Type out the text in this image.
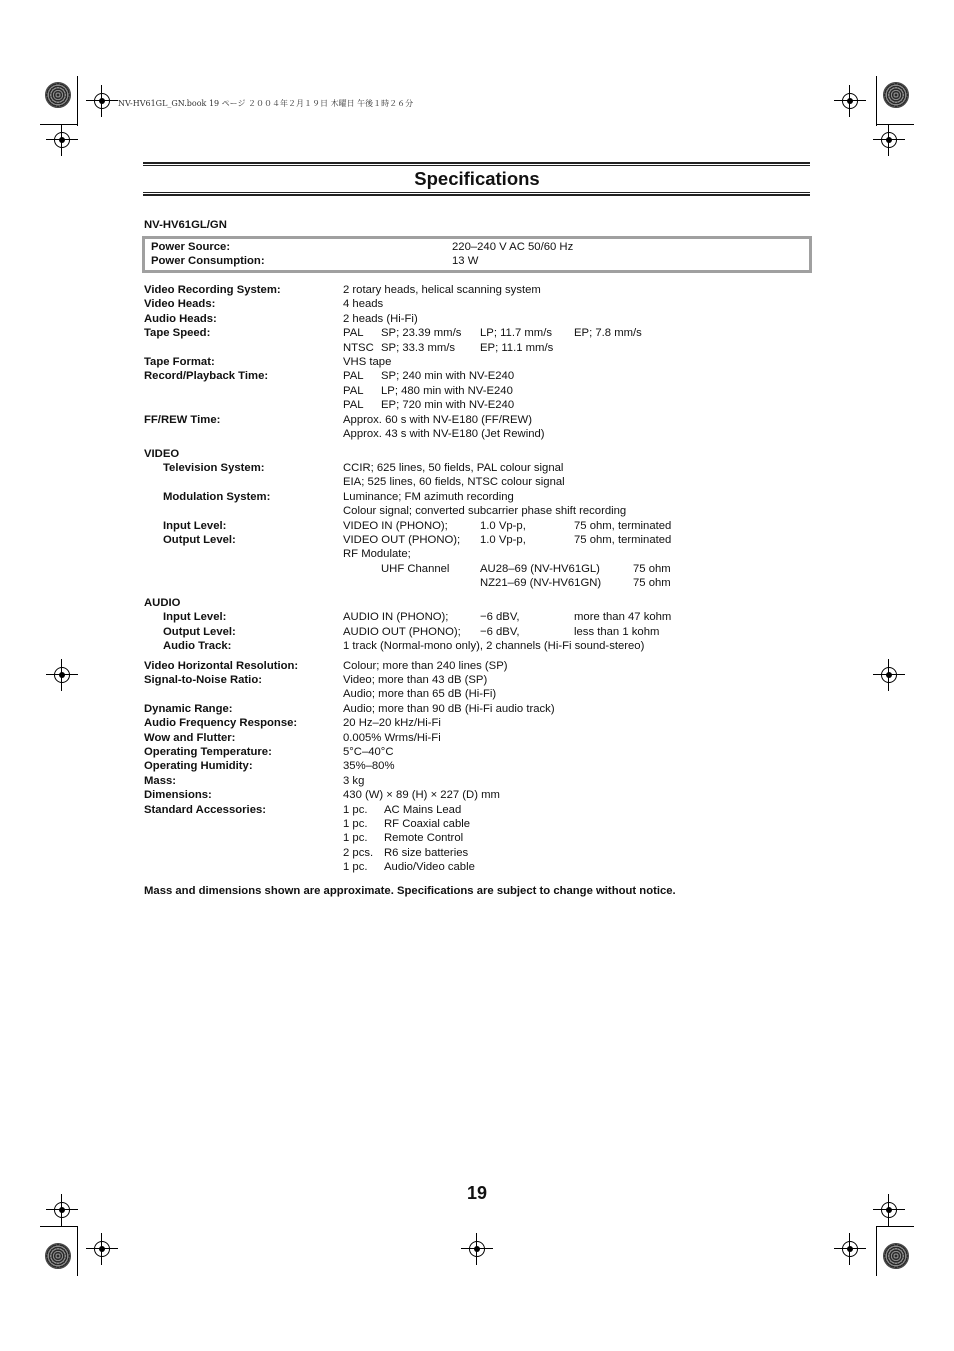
NV-HV61GL_GN.book 19 ページ ２００４年２月１９日 木曜日 午後１時２６分
Specifications
NV-HV61GL/GN
Power Source:	220–240 V AC 50/60 Hz
Power Consumption:	13 W
Video Recording System:	2 rotary heads, helical scanning system
Video Heads:	4 heads
Audio Heads:	2 heads (Hi-Fi)
Tape Speed:	PAL SP; 23.39 mm/s LP; 11.7 mm/s EP; 7.8 mm/s
NTSC SP; 33.3 mm/s EP; 11.1 mm/s
Tape Format:	VHS tape
Record/Playback Time:	PAL SP; 240 min with NV-E240
PAL LP; 480 min with NV-E240
PAL EP; 720 min with NV-E240
FF/REW Time:	Approx. 60 s with NV-E180 (FF/REW)
Approx. 43 s with NV-E180 (Jet Rewind)
VIDEO
Television System:	CCIR; 625 lines, 50 fields, PAL colour signal
EIA; 525 lines, 60 fields, NTSC colour signal
Modulation System:	Luminance; FM azimuth recording
Colour signal; converted subcarrier phase shift recording
Input Level:	VIDEO IN (PHONO);	1.0 Vp-p,	75 ohm, terminated
Output Level:	VIDEO OUT (PHONO); 1.0 Vp-p,	75 ohm, terminated
RF Modulate;
UHF Channel	AU28–69 (NV-HV61GL)	75 ohm
NZ21–69 (NV-HV61GN)	75 ohm
AUDIO
Input Level:	AUDIO IN (PHONO);	−6 dBV,	more than 47 kohm
Output Level:	AUDIO OUT (PHONO); −6 dBV,	less than 1 kohm
Audio Track:	1 track (Normal-mono only), 2 channels (Hi-Fi sound-stereo)
Video Horizontal Resolution:	Colour; more than 240 lines (SP)
Signal-to-Noise Ratio:	Video; more than 43 dB (SP)
Audio; more than 65 dB (Hi-Fi)
Dynamic Range:	Audio; more than 90 dB (Hi-Fi audio track)
Audio Frequency Response:	20 Hz–20 kHz/Hi-Fi
Wow and Flutter:	0.005% Wrms/Hi-Fi
Operating Temperature:	5°C–40°C
Operating Humidity:	35%–80%
Mass:	3 kg
Dimensions:	430 (W) × 89 (H) × 227 (D) mm
Standard Accessories:	1 pc. AC Mains Lead
1 pc. RF Coaxial cable
1 pc. Remote Control
2 pcs. R6 size batteries
1 pc. Audio/Video cable
Mass and dimensions shown are approximate. Specifications are subject to change without notice.
19
